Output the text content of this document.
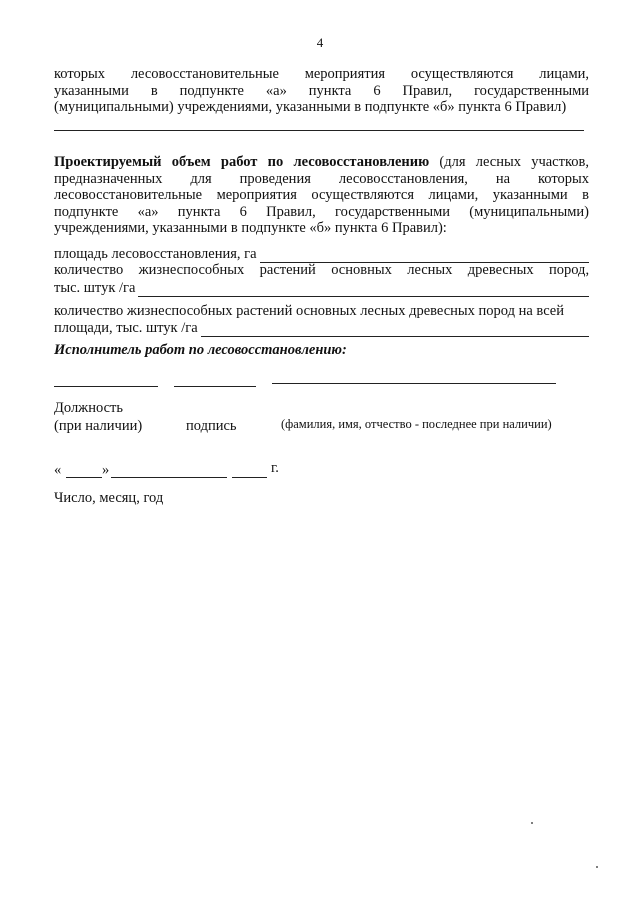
4
которых лесовосстановительные мероприятия осуществляются лицами,
указанными в подпункте «а» пункта 6 Правил, государственными
(муниципальными) учреждениями, указанными в подпункте «б» пункта 6 Правил)
Проектируемый объем работ по лесовосстановлению (для лесных участков, предназначенных для проведения лесовосстановления, на которых лесовосстановительные мероприятия осуществляются лицами, указанными в подпункте «а» пункта 6 Правил, государственными (муниципальными) учреждениями, указанными в подпункте «б» пункта 6 Правил):
площадь лесовосстановления, га
количество жизнеспособных растений основных лесных древесных пород,
тыс. штук /га
количество жизнеспособных растений основных лесных древесных пород на всей
площади, тыс. штук /га
Исполнитель работ по лесовосстановлению:
Должность
(при наличии)	подпись	(фамилия, имя, отчество - последнее при наличии)
«	»	г.
Число, месяц, год
